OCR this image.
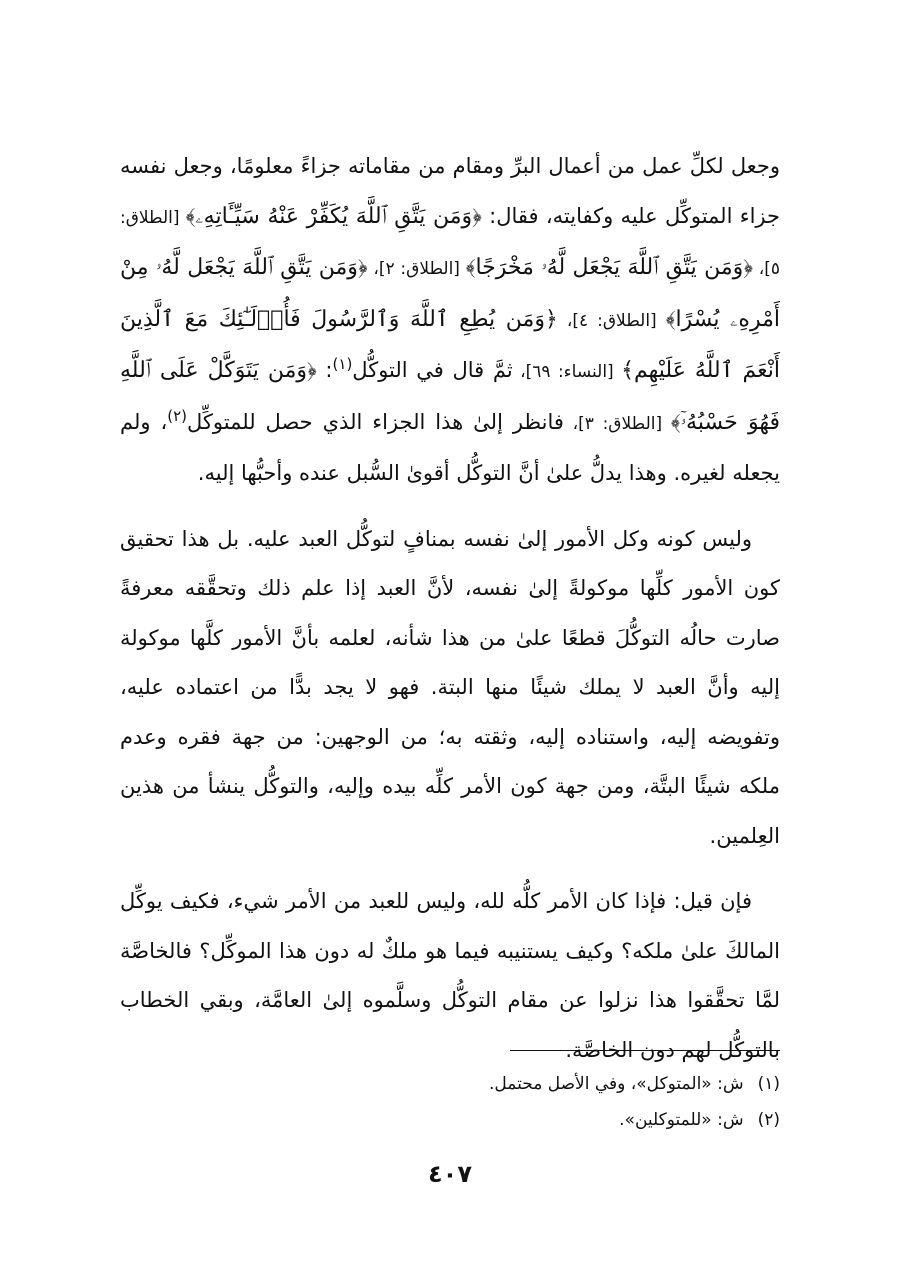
وجعل لكلِّ عمل من أعمال البرِّ ومقام من مقاماته جزاءً معلومًا، وجعل نفسه جزاء المتوكِّل عليه وكفايته، فقال: ﴿وَمَن يَتَّقِ ٱللَّهَ يُكَفِّرْ عَنْهُ سَيِّـَٔاتِهِۦ﴾ [الطلاق: ٥]، ﴿وَمَن يَتَّقِ ٱللَّهَ يَجْعَل لَّهُۥ مَخْرَجًا﴾ [الطلاق: ٢]، ﴿وَمَن يَتَّقِ ٱللَّهَ يَجْعَل لَّهُۥ مِنْ أَمْرِهِۦ يُسْرًا﴾ [الطلاق: ٤]، ﴿وَمَن يُطِعِ ٱللَّهَ وَٱلرَّسُولَ فَأُو۟لَـٰٓئِكَ مَعَ ٱلَّذِينَ أَنْعَمَ ٱللَّهُ عَلَيْهِم﴾ [النساء: ٦٩]، ثمَّ قال في التوكُّل$^{(١)}$: ﴿وَمَن يَتَوَكَّلْ عَلَى ٱللَّهِ فَهُوَ حَسْبُهُۥٓ﴾ [الطلاق: ٣]، فانظر إلىٰ هذا الجزاء الذي حصل للمتوكِّل$^{(٢)}$، ولم يجعله لغيره. وهذا يدلُّ علىٰ أنَّ التوكُّل أقوىٰ السُّبل عنده وأحبُّها إليه.

وليس كونه وكل الأمور إلىٰ نفسه بمنافٍ لتوكُّل العبد عليه. بل هذا تحقيق كون الأمور كلِّها موكولةً إلىٰ نفسه، لأنَّ العبد إذا علم ذلك وتحقَّقه معرفةً صارت حالُه التوكُّلَ قطعًا علىٰ من هذا شأنه، لعلمه بأنَّ الأمور كلَّها موكولة إليه وأنَّ العبد لا يملك شيئًا منها البتة. فهو لا يجد بدًّا من اعتماده عليه، وتفويضه إليه، واستناده إليه، وثقته به؛ من الوجهين: من جهة فقره وعدم ملكه شيئًا البتَّة، ومن جهة كون الأمر كلِّه بيده وإليه، والتوكُّل ينشأ من هذين العِلمين.

فإن قيل: فإذا كان الأمر كلُّه لله، وليس للعبد من الأمر شيء، فكيف يوكِّل المالكَ علىٰ ملكه؟ وكيف يستنيبه فيما هو ملكٌ له دون هذا الموكِّل؟ فالخاصَّة لمَّا تحقَّقوا هذا نزلوا عن مقام التوكُّل وسلَّموه إلىٰ العامَّة، وبقي الخطاب بالتوكُّل لهم دون الخاصَّة.

(١)ش: «المتوكل»، وفي الأصل محتمل.
(٢)ش: «للمتوكلين».
٤٠٧
